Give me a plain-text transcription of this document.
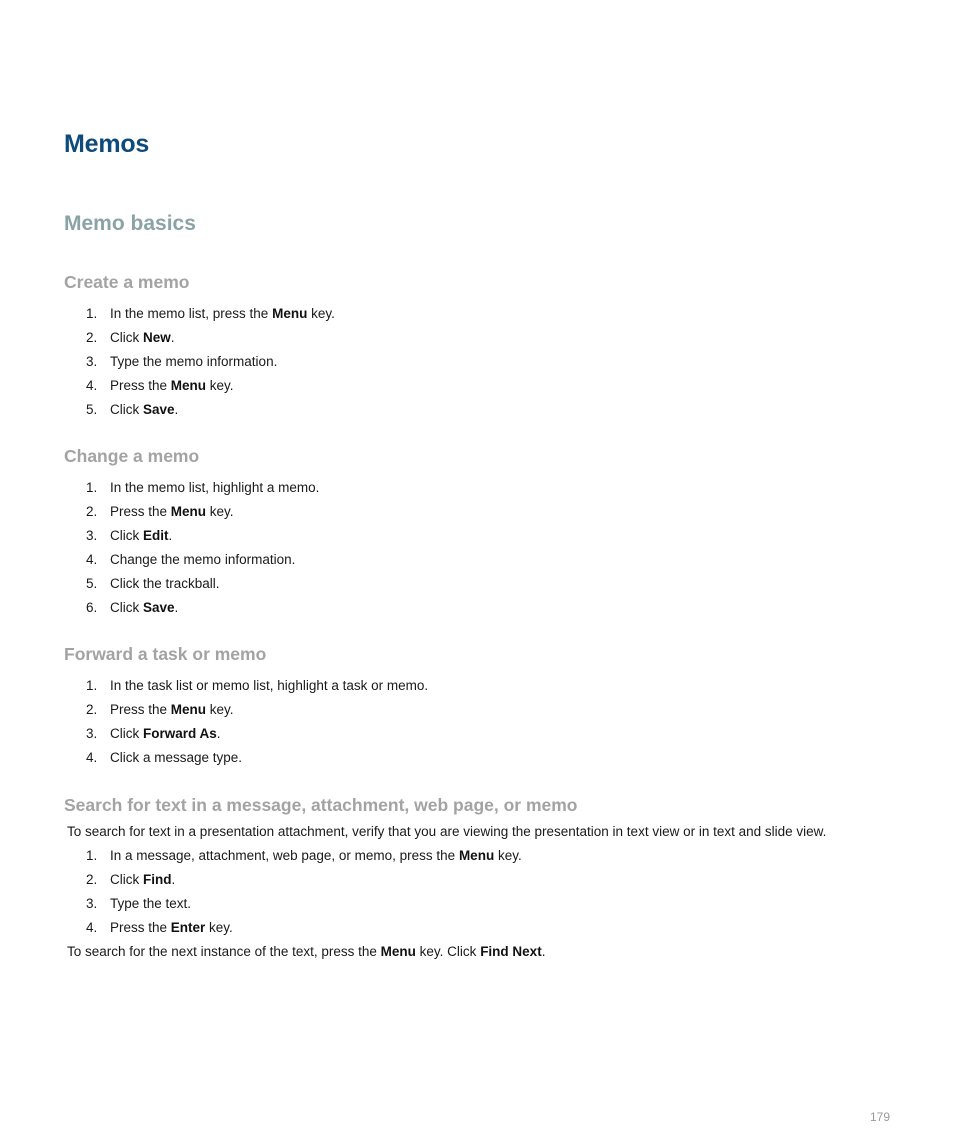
Memos
Memo basics
Create a memo
1. In the memo list, press the Menu key.
2. Click New.
3. Type the memo information.
4. Press the Menu key.
5. Click Save.
Change a memo
1. In the memo list, highlight a memo.
2. Press the Menu key.
3. Click Edit.
4. Change the memo information.
5. Click the trackball.
6. Click Save.
Forward a task or memo
1. In the task list or memo list, highlight a task or memo.
2. Press the Menu key.
3. Click Forward As.
4. Click a message type.
Search for text in a message, attachment, web page, or memo

To search for text in a presentation attachment, verify that you are viewing the presentation in text view or in text and slide view.

1. In a message, attachment, web page, or memo, press the Menu key.
2. Click Find.
3. Type the text.
4. Press the Enter key.

To search for the next instance of the text, press the Menu key. Click Find Next.

179
